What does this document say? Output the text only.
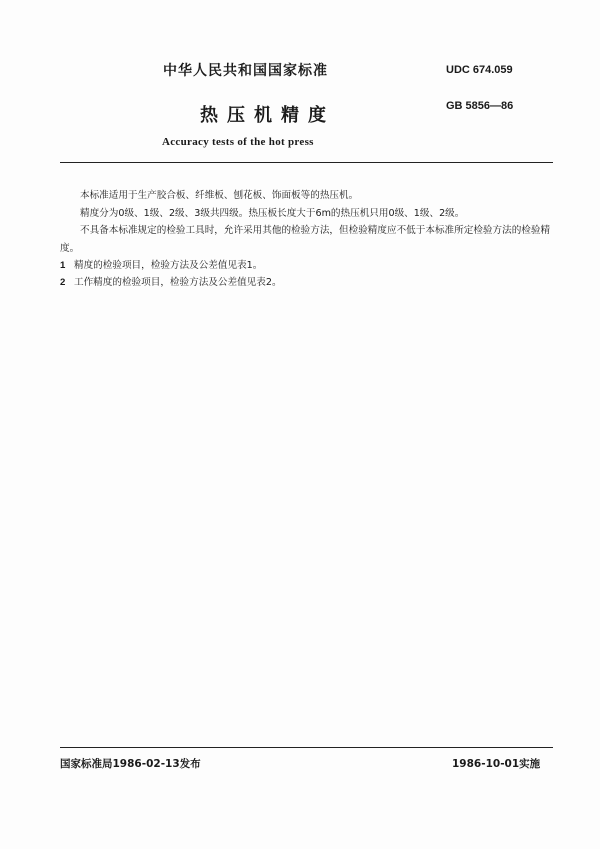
中华人民共和国国家标准	UDC 674.059
热压机精度	GB 5856—86
Accuracy tests of the hot press
本标准适用于生产胶合板、纤维板、刨花板、饰面板等的热压机。
精度分为0级、1级、2级、3级共四级。热压板长度大于6m的热压机只用0级、1级、2级。
不具备本标准规定的检验工具时，允许采用其他的检验方法，但检验精度应不低于本标准所定检验方法的检验精度。
1 精度的检验项目，检验方法及公差值见表1。
2 工作精度的检验项目，检验方法及公差值见表2。
国家标准局1986-02-13发布	1986-10-01实施
